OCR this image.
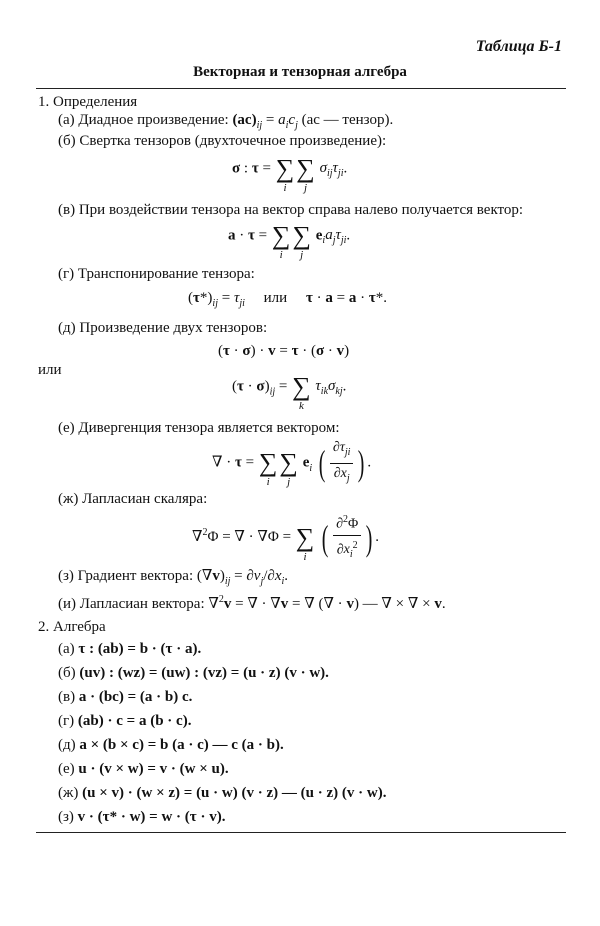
Таблица Б-1
Векторная и тензорная алгебра
1. Определения
(а) Диадное произведение: $(ac)_{ij} = a_ic_j$ (ac — тензор).
(б) Свертка тензоров (двухточечное произведение):
σ : τ = ∑
i
∑
j
$\sigma_{ij}\tau_{ji}$.
(в) При воздействии тензора на вектор справа налево получается вектор:
a · τ = ∑
i
∑
j
$e_ia_j\tau_{ji}$.
(г) Транспонирование тензора:
$(\tau*)_{ij} = \tau_{ji}$ или τ · a = a · τ*.
(д) Произведение двух тензоров:
(τ · σ) · v = τ · (σ · v)
или
$(\tau \cdot \sigma)_{ij}$ = ∑
k
$\tau_{ik}\sigma_{kj}$.
(е) Дивергенция тензора является вектором:
∇ · τ = ∑
i
∑
j
$e_i$ ( $\frac{\partial\tau_{ji}}{\partial x_j}$ ) .
(ж) Лапласиан скаляра:
∇$^2$Φ = ∇ · ∇Φ = ∑
i ( $\frac{\partial^2\Phi}{\partial x_i^2}$ ) .
(з) Градиент вектора: $(\nabla v)_{ij} = \partial v_j/\partial x_i$.
(и) Лапласиан вектора: ∇$^2$v = ∇ · ∇v = ∇ (∇ · v) — ∇ × ∇ × v.
2. Алгебра
(а) τ : (ab) = b · (τ · a).
(б) (uv) : (wz) = (uw) : (vz) = (u · z) (v · w).
(в) a · (bc) = (a · b) c.
(г) (ab) · c = a (b · c).
(д) a × (b × c) = b (a · c) — c (a · b).
(е) u · (v × w) = v · (w × u).
(ж) (u × v) · (w × z) = (u · w) (v · z) — (u · z) (v · w).
(з) v · (τ* · w) = w · (τ · v).
